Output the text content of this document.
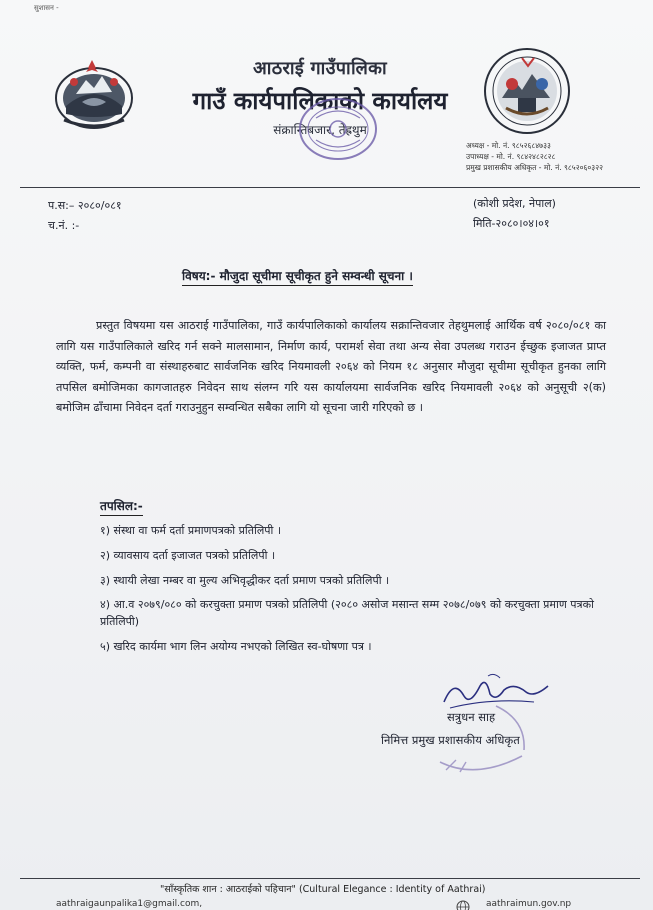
सुशासन -
आठराई गाउँपालिका
गाउँ कार्यपालिकाको कार्यालय
संक्रान्तिबजार, तेह्रथुम
अध्यक्ष - मो. नं. ९८५२६८४७३३
उपाध्यक्ष - मो. नं. ९८४२४८२८२८
प्रमुख प्रशासकीय अधिकृत - मो. नं. ९८५२०६०३२२
प.स:– २०८०/०८१
च.नं. :-
(कोशी प्रदेश, नेपाल)
मिति-२०८०।०४।०१
विषय:- मौजुदा सूचीमा सूचीकृत हुने सम्वन्धी सूचना ।
प्रस्तुत विषयमा यस आठराई गाउँपालिका, गाउँ कार्यपालिकाको कार्यालय सक्रान्तिवजार तेहथुमलाई आर्थिक वर्ष २०८०/०८१ का लागि यस गाउँपालिकाले खरिद गर्न सक्ने मालसामान, निर्माण कार्य, परामर्श सेवा तथा अन्य सेवा उपलब्ध गराउन ईच्छुक इजाजत प्राप्त व्यक्ति, फर्म, कम्पनी वा संस्थाहरुबाट सार्वजनिक खरिद नियमावली २०६४ को नियम १८ अनुसार मौजुदा सूचीमा सूचीकृत हुनका लागि तपसिल बमोजिमका कागजातहरु निवेदन साथ संलग्न गरि यस कार्यालयमा सार्वजनिक खरिद नियमावली २०६४ को अनुसूची २(क) बमोजिम ढाँचामा निवेदन दर्ता गराउनुहुन सम्वन्धित सबैका लागि यो सूचना जारी गरिएको छ ।
तपसिल:-
१) संस्था वा फर्म दर्ता प्रमाणपत्रको प्रतिलिपी ।
२) व्यावसाय दर्ता इजाजत पत्रको प्रतिलिपी ।
३) स्थायी लेखा नम्बर वा मुल्य अभिवृद्धीकर दर्ता प्रमाण पत्रको प्रतिलिपी ।
४) आ.व २०७९/०८० को करचुक्ता प्रमाण पत्रको प्रतिलिपी (२०८० असोज मसान्त सम्म २०७८/०७९ को करचुक्ता प्रमाण पत्रको प्रतिलिपी)
५) खरिद कार्यमा भाग लिन अयोग्य नभएको लिखित स्व-घोषणा पत्र ।
सत्रुधन साह
निमित्त प्रमुख प्रशासकीय अधिकृत
"साँस्कृतिक शान : आठराईको पहिचान" (Cultural Elegance : Identity of Aathrai)
aathraigaunpalika1@gmail.com,	aathraimun.gov.np
